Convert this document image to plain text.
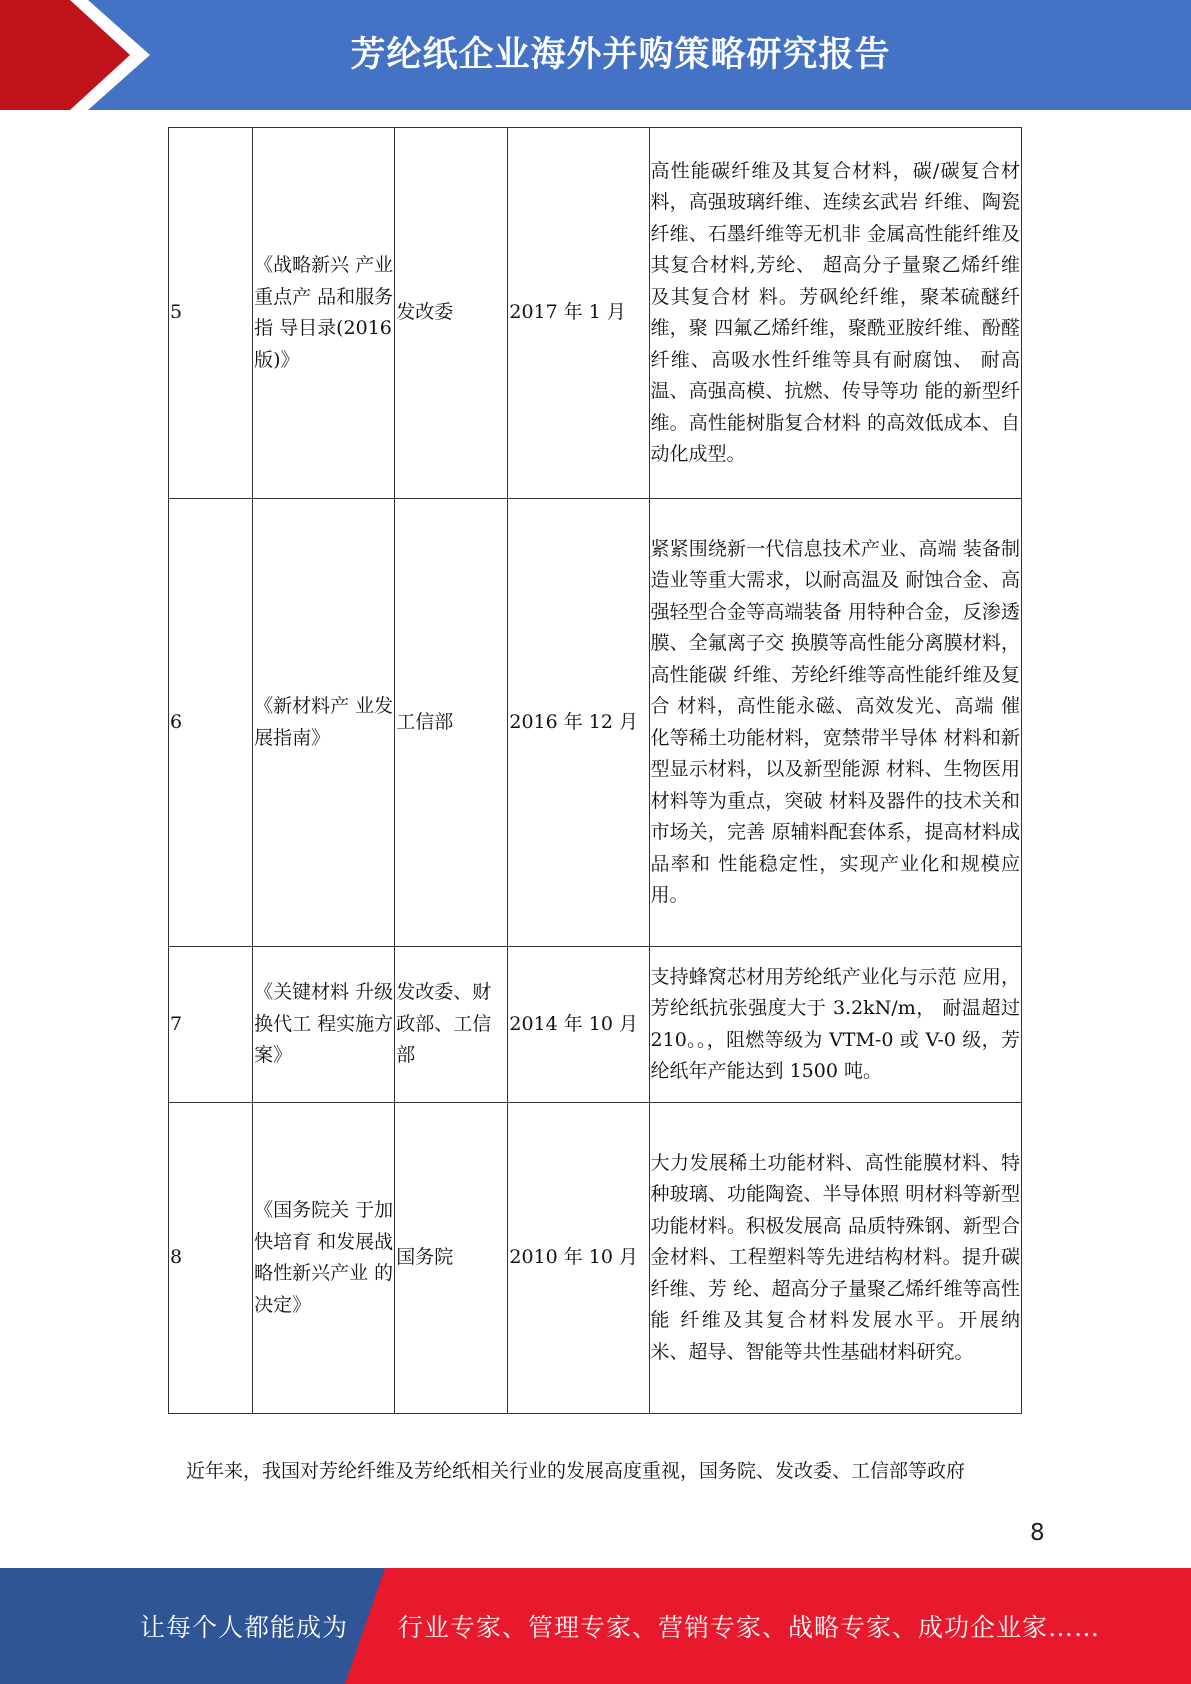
芳纶纸企业海外并购策略研究报告
5	《战略新兴 产业重点产 品和服务指 导目录(2016 版)》	发改委	2017 年 1 月	高性能碳纤维及其复合材料，碳/碳复合材料，高强玻璃纤维、连续玄武岩 纤维、陶瓷纤维、石墨纤维等无机非 金属高性能纤维及其复合材料,芳纶、 超高分子量聚乙烯纤维及其复合材 料。芳砜纶纤维，聚苯硫醚纤维，聚 四氟乙烯纤维，聚酰亚胺纤维、酚醛 纤维、高吸水性纤维等具有耐腐蚀、 耐高温、高强高模、抗燃、传导等功 能的新型纤维。高性能树脂复合材料 的高效低成本、自动化成型。
6	《新材料产 业发展指南》	工信部	2016 年 12 月	紧紧围绕新一代信息技术产业、高端 装备制造业等重大需求，以耐高温及 耐蚀合金、高强轻型合金等高端装备 用特种合金，反渗透膜、全氟离子交 换膜等高性能分离膜材料，高性能碳 纤维、芳纶纤维等高性能纤维及复合 材料，高性能永磁、高效发光、高端 催化等稀土功能材料，宽禁带半导体 材料和新型显示材料，以及新型能源 材料、生物医用材料等为重点，突破 材料及器件的技术关和市场关，完善 原辅料配套体系，提高材料成品率和 性能稳定性，实现产业化和规模应用。
7	《关键材料 升级换代工 程实施方案》	发改委、财政部、工信部	2014 年 10 月	支持蜂窝芯材用芳纶纸产业化与示范 应用，芳纶纸抗张强度大于 3.2kN/m， 耐温超过 210。。，阻燃等级为 VTM-0 或 V-0 级，芳纶纸年产能达到 1500 吨。
8	《国务院关 于加快培育 和发展战略性新兴产业 的决定》	国务院	2010 年 10 月	大力发展稀土功能材料、高性能膜材料、特种玻璃、功能陶瓷、半导体照 明材料等新型功能材料。积极发展高 品质特殊钢、新型合金材料、工程塑料等先进结构材料。提升碳纤维、芳 纶、超高分子量聚乙烯纤维等高性能 纤维及其复合材料发展水平。开展纳 米、超导、智能等共性基础材料研究。
近年来，我国对芳纶纤维及芳纶纸相关行业的发展高度重视，国务院、发改委、工信部等政府
8
让每个人都能成为 行业专家、管理专家、营销专家、战略专家、成功企业家……
